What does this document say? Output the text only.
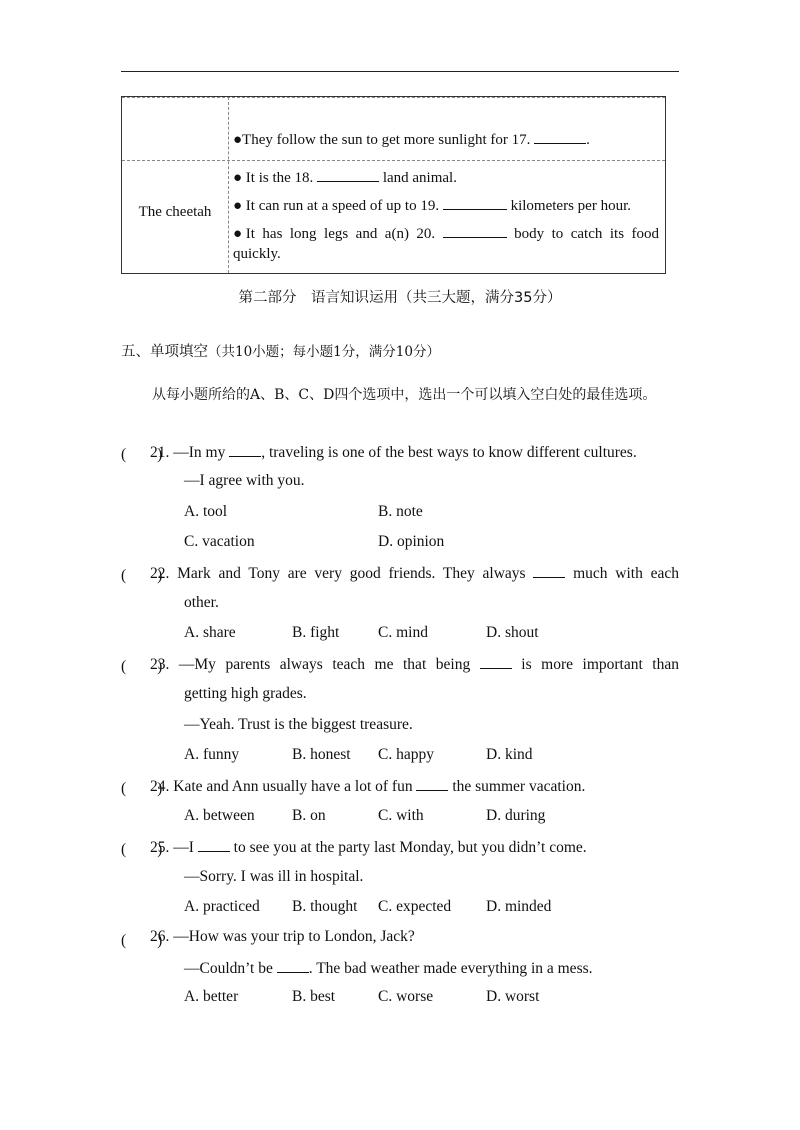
●They follow the sun to get more sunlight for 17.	.
The cheetah
● It is the 18.	land animal.
● It can run at a speed of up to 19.	kilometers per hour.
●It has long legs and a(n) 20.	body to catch its food quickly.
第二部分　语言知识运用（共三大题，满分35分）
五、单项填空（共10小题；每小题1分，满分10分）
从每小题所给的A、B、C、D四个选项中，选出一个可以填入空白处的最佳选项。
(　　)
21. —In my , traveling is one of the best ways to know different cultures.
—I agree with you.
A. tool	B. note
C. vacation	D. opinion
(　　)
22. Mark and Tony are very good friends. They always  much with each
other.
A. share	B. fight C. mind	D. shout
(　　)
23. —My parents always teach me that being  is more important than
getting high grades.
—Yeah. Trust is the biggest treasure.
A. funny	B. honest C. happy	D. kind
(　　)
24. Kate and Ann usually have a lot of fun  the summer vacation.
A. between B. on	C. with	D. during
(　　)
25. —I  to see you at the party last Monday, but you didn’t come.
—Sorry. I was ill in hospital.
A. practiced B. thought C. expected D. minded
(　　)
26. —How was your trip to London, Jack?
—Couldn’t be . The bad weather made everything in a mess.
A. better	B. best	C. worse	D. worst
